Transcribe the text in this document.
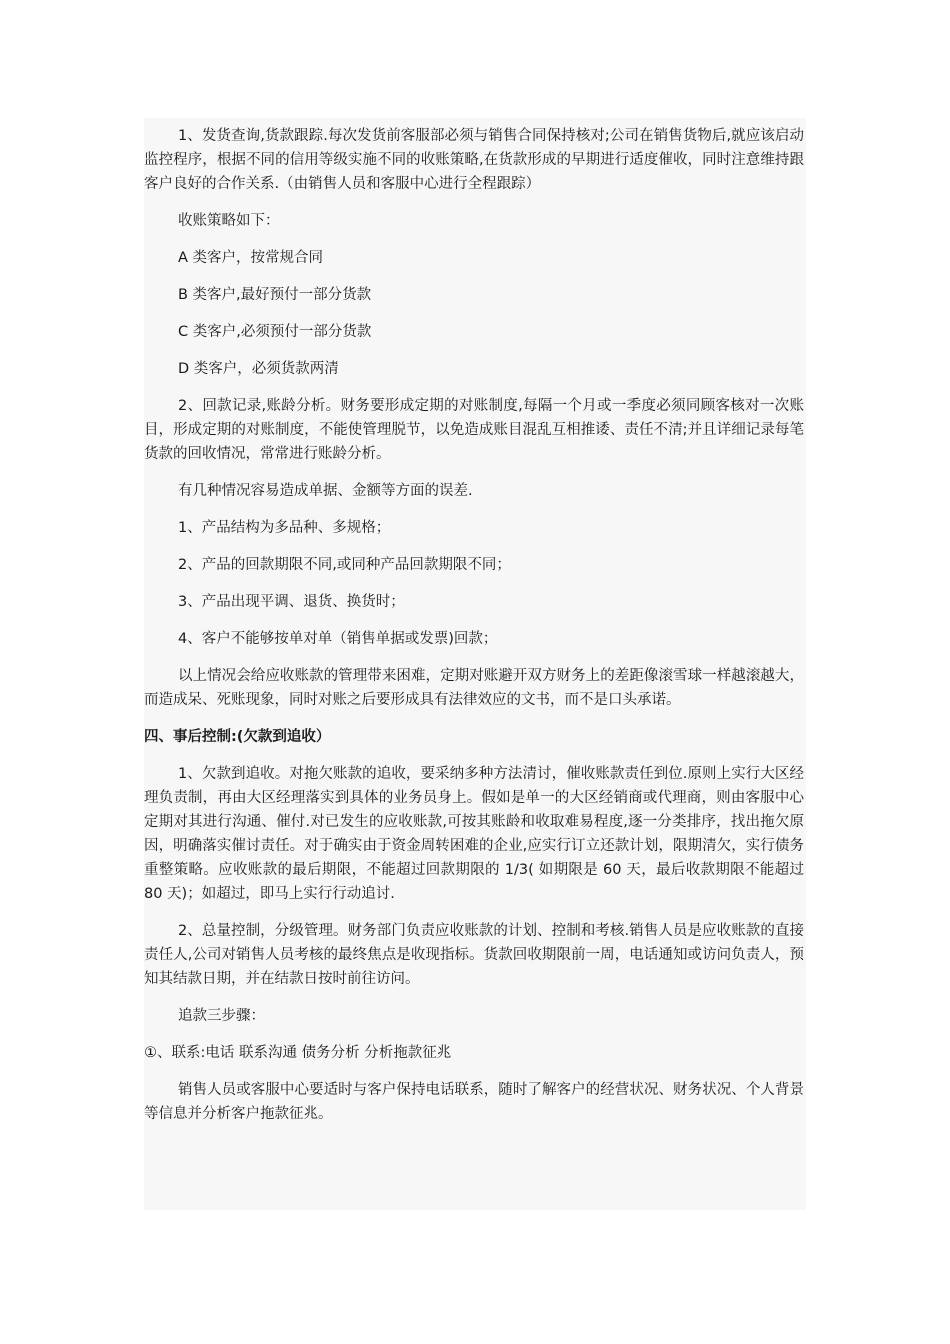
1、发货查询,货款跟踪.每次发货前客服部必须与销售合同保持核对;公司在销售货物后,就应该启动监控程序，根据不同的信用等级实施不同的收账策略,在货款形成的早期进行适度催收，同时注意维持跟客户良好的合作关系.（由销售人员和客服中心进行全程跟踪）

收账策略如下：

A 类客户，按常规合同

B 类客户,最好预付一部分货款

C 类客户,必须预付一部分货款

D 类客户，必须货款两清

2、回款记录,账龄分析。财务要形成定期的对账制度,每隔一个月或一季度必须同顾客核对一次账目，形成定期的对账制度，不能使管理脱节，以免造成账目混乱互相推诿、责任不清;并且详细记录每笔货款的回收情况，常常进行账龄分析。

有几种情况容易造成单据、金额等方面的误差.

1、产品结构为多品种、多规格；

2、产品的回款期限不同,或同种产品回款期限不同；

3、产品出现平调、退货、换货时；

4、客户不能够按单对单（销售单据或发票)回款；

以上情况会给应收账款的管理带来困难，定期对账避开双方财务上的差距像滚雪球一样越滚越大，而造成呆、死账现象，同时对账之后要形成具有法律效应的文书，而不是口头承诺。

四、事后控制:(欠款到追收）

1、欠款到追收。对拖欠账款的追收，要采纳多种方法清讨，催收账款责任到位.原则上实行大区经理负责制，再由大区经理落实到具体的业务员身上。假如是单一的大区经销商或代理商，则由客服中心定期对其进行沟通、催付.对已发生的应收账款,可按其账龄和收取难易程度,逐一分类排序，找出拖欠原因，明确落实催讨责任。对于确实由于资金周转困难的企业,应实行订立还款计划，限期清欠，实行债务重整策略。应收账款的最后期限，不能超过回款期限的 1/3( 如期限是 60 天，最后收款期限不能超过 80 天)；如超过，即马上实行行动追讨.

2、总量控制，分级管理。财务部门负责应收账款的计划、控制和考核.销售人员是应收账款的直接责任人,公司对销售人员考核的最终焦点是收现指标。货款回收期限前一周，电话通知或访问负责人，预知其结款日期，并在结款日按时前往访问。

追款三步骤：

①、联系:电话 联系沟通 债务分析 分析拖款征兆

销售人员或客服中心要适时与客户保持电话联系，随时了解客户的经营状况、财务状况、个人背景等信息并分析客户拖款征兆。
